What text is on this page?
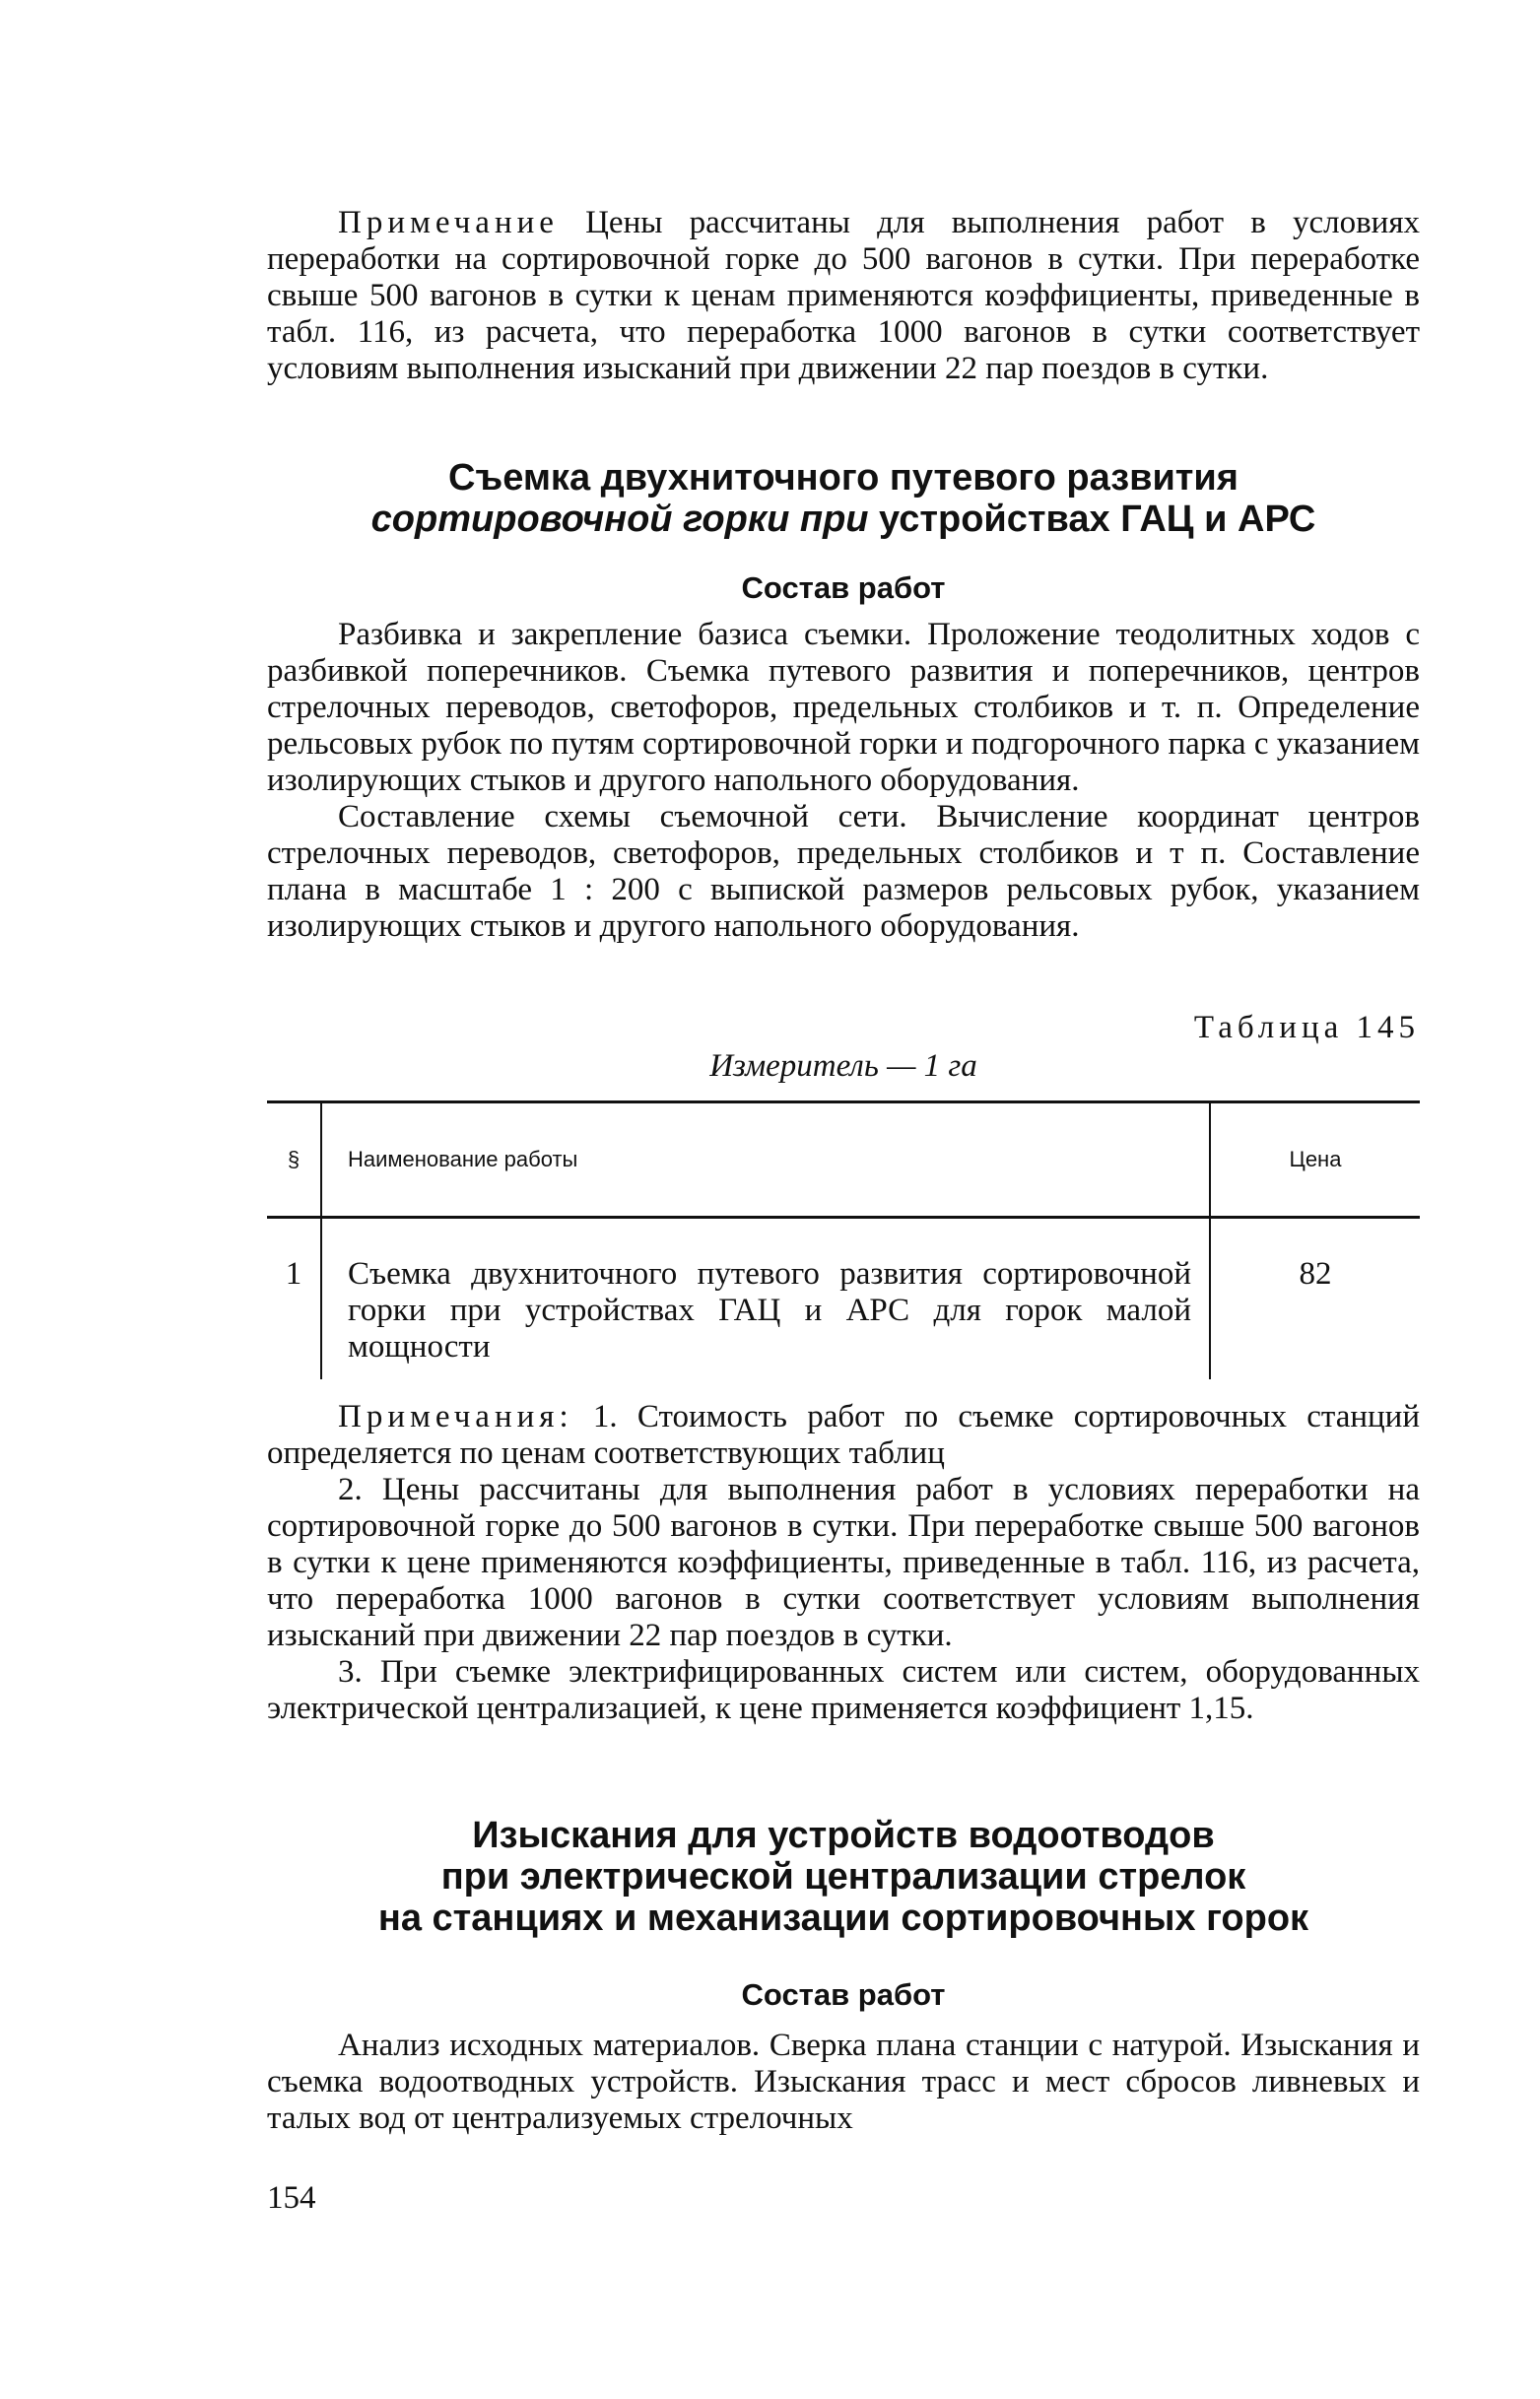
Примечание Цены рассчитаны для выполнения работ в условиях переработки на сортировочной горке до 500 вагонов в сутки. При переработке свыше 500 вагонов в сутки к ценам применяются коэффициенты, приведенные в табл. 116, из расчета, что переработка 1000 вагонов в сутки соответствует условиям выполнения изысканий при движении 22 пар поездов в сутки.

Съемка двухниточного путевого развития
сортировочной горки при устройствах ГАЦ и АРС
Состав работ

Разбивка и закрепление базиса съемки. Проложение теодолитных ходов с разбивкой поперечников. Съемка путевого развития и поперечников, центров стрелочных переводов, светофоров, предельных столбиков и т. п. Определение рельсовых рубок по путям сортировочной горки и подгорочного парка с указанием изолирующих стыков и другого напольного оборудования.

Составление схемы съемочной сети. Вычисление координат центров стрелочных переводов, светофоров, предельных столбиков и т п. Составление плана в масштабе 1 : 200 с выпиской размеров рельсовых рубок, указанием изолирующих стыков и другого напольного оборудования.

Таблица 145
Измеритель — 1 га
§	Наименование работы	Цена
1	Съемка двухниточного путевого развития сортировочной горки при устройствах ГАЦ и АРС для горок малой мощности	82

Примечания: 1. Стоимость работ по съемке сортировочных станций определяется по ценам соответствующих таблиц

2. Цены рассчитаны для выполнения работ в условиях переработки на сортировочной горке до 500 вагонов в сутки. При переработке свыше 500 вагонов в сутки к цене применяются коэффициенты, приведенные в табл. 116, из расчета, что переработка 1000 вагонов в сутки соответствует условиям выполнения изысканий при движении 22 пар поездов в сутки.

3. При съемке электрифицированных систем или систем, оборудованных электрической централизацией, к цене применяется коэффициент 1,15.

Изыскания для устройств водоотводов
при электрической централизации стрелок
на станциях и механизации сортировочных горок
Состав работ

Анализ исходных материалов. Сверка плана станции с натурой. Изыскания и съемка водоотводных устройств. Изыскания трасс и мест сбросов ливневых и талых вод от централизуемых стрелочных

154
